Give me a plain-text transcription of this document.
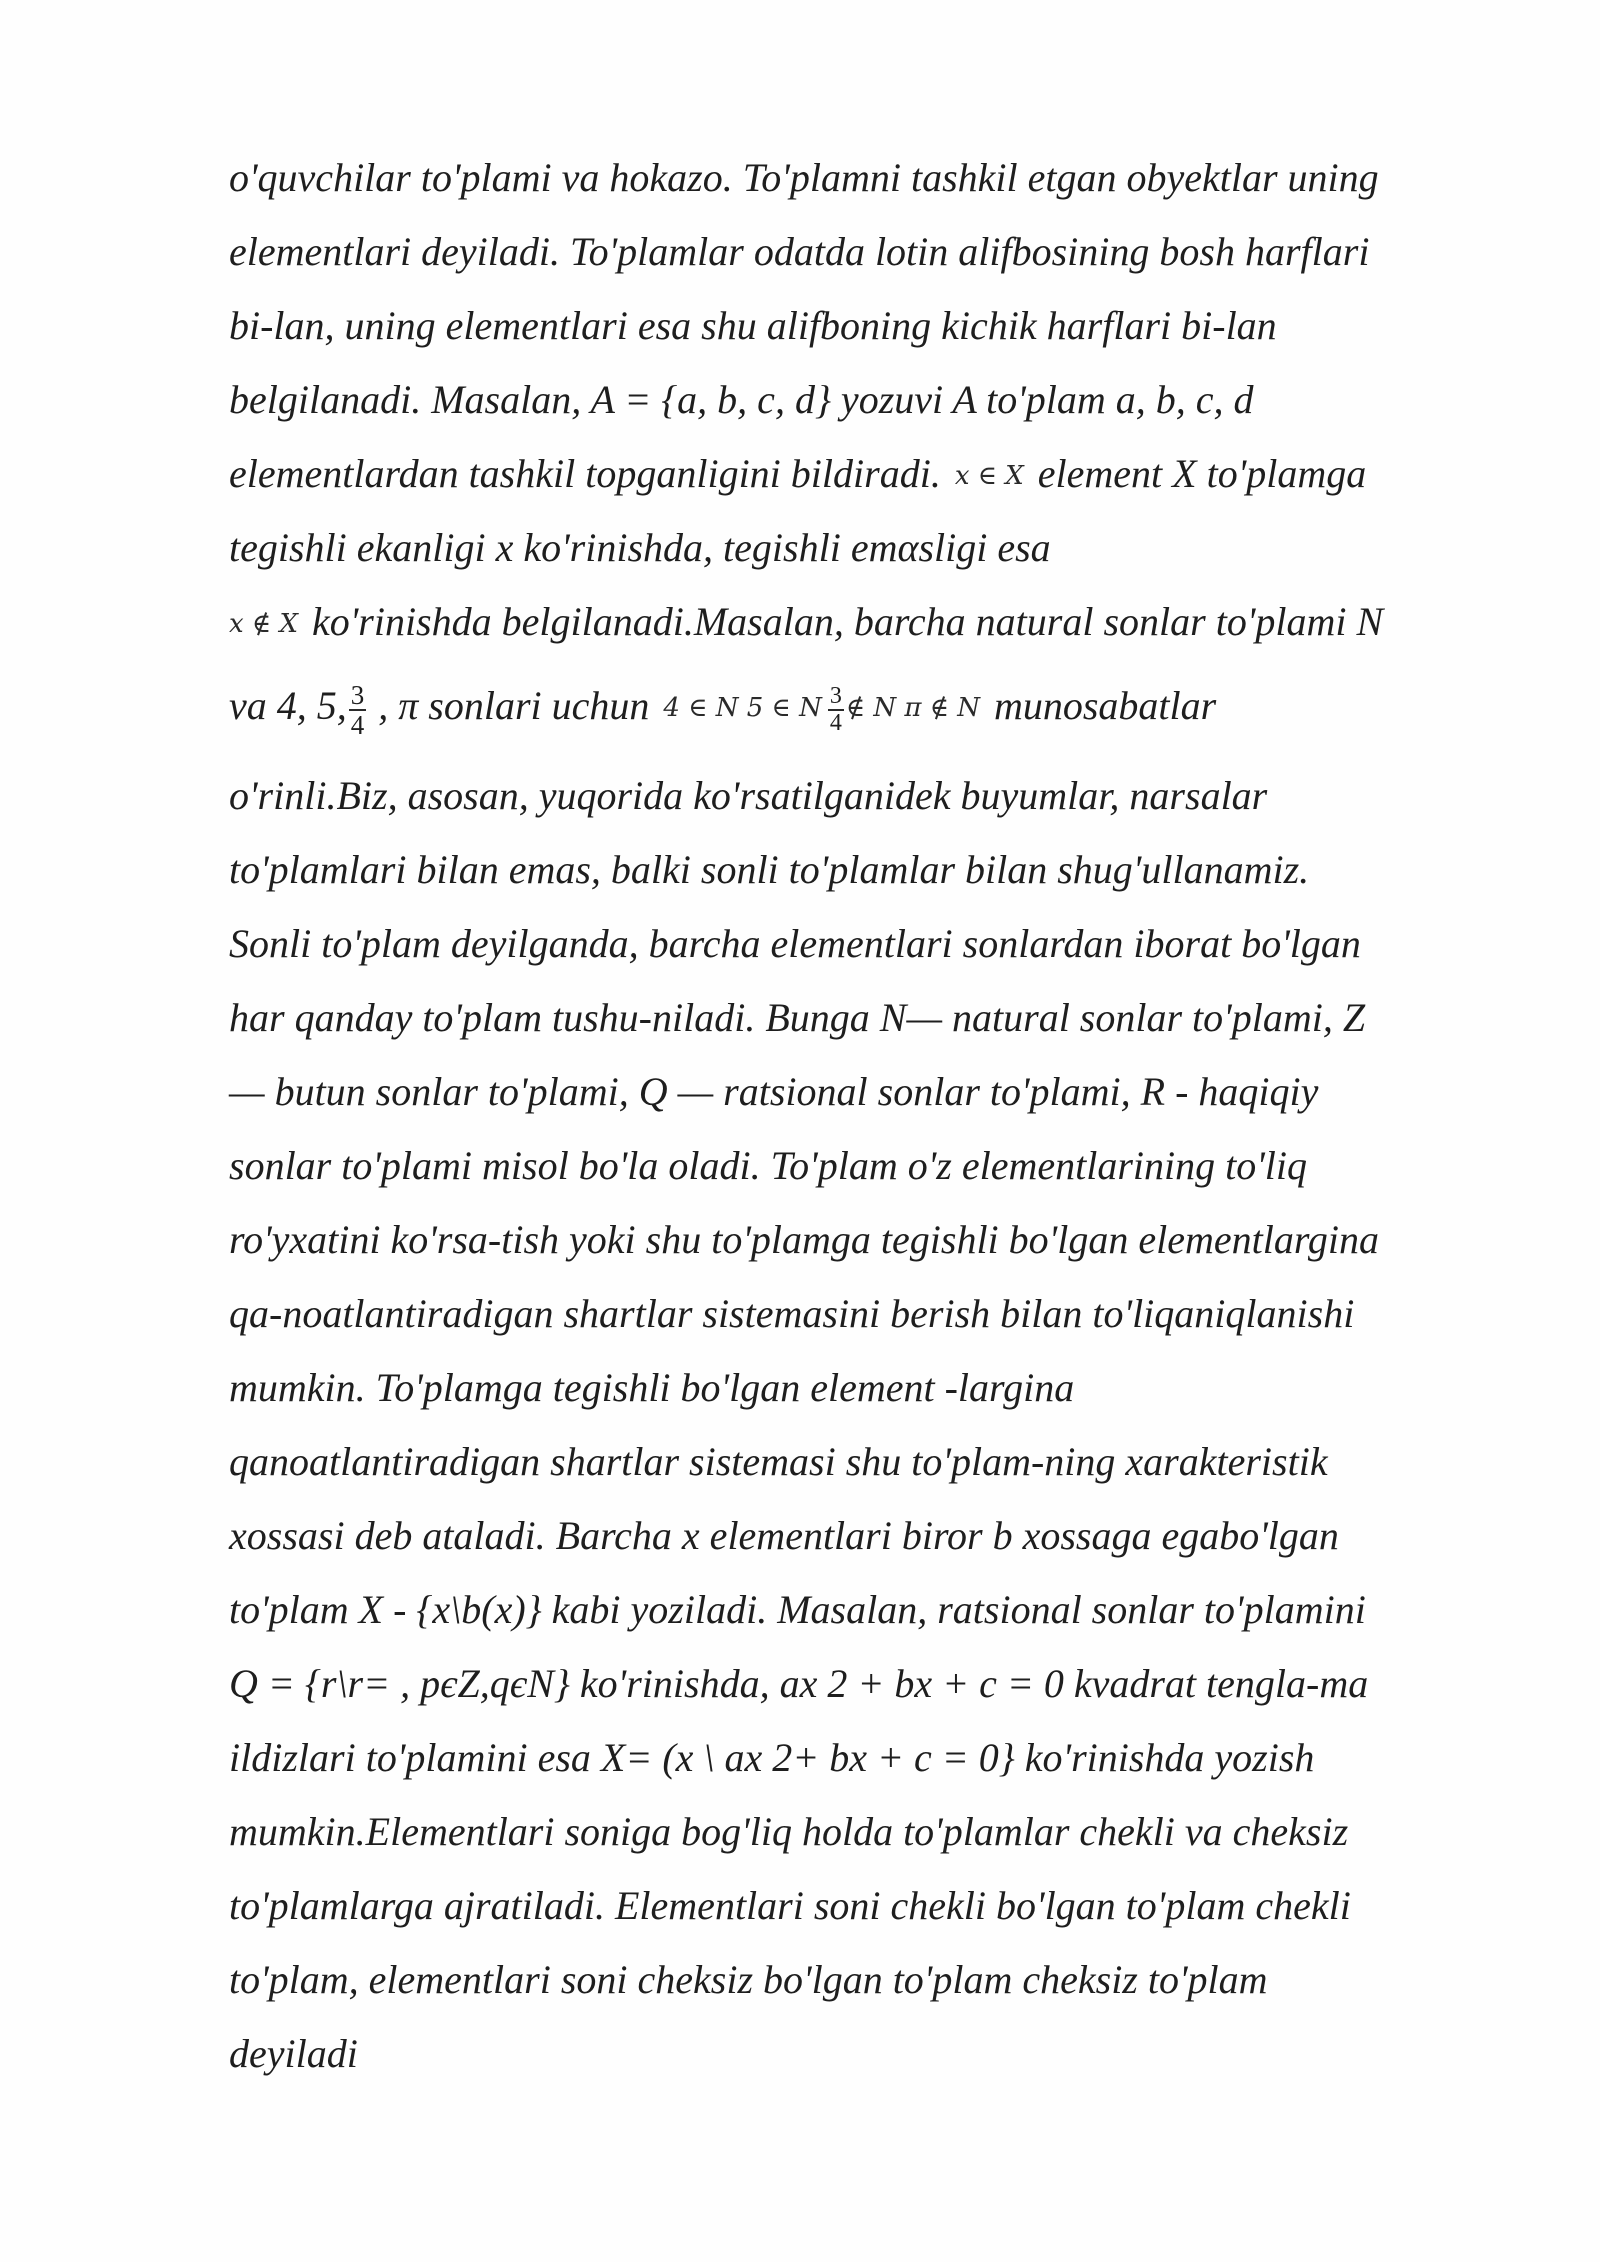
o'quvchilar to'plami va hokazo. To'plamni tashkil etgan obyektlar uning
elementlari deyiladi. To'plamlar odatda lotin alifbosining bosh harflari
bi-lan, uning elementlari esa shu alifboning kichik harflari bi-lan
belgilanadi. Masalan, A = {a, b, c, d} yozuvi A to'plam a, b, c, d
elementlardan tashkil topganligini bildiradi. x ∈ X element X to'plamga
tegishli ekanligi x ko'rinishda, tegishli emαsligi esa
x ∉ X ko'rinishda belgilanadi.Masalan, barcha natural sonlar to'plami N
va 4, 5, $\frac{3}{4}$ , π sonlari uchun 4 ∈ N 5 ∈ N $\frac{3}{4}$ ∉ N π ∉ N munosabatlar
o'rinli.Biz, asosan, yuqorida ko'rsatilganidek buyumlar, narsalar
to'plamlari bilan emas, balki sonli to'plamlar bilan shug'ullanamiz.
Sonli to'plam deyilganda, barcha elementlari sonlardan iborat bo'lgan
har qanday to'plam tushu-niladi. Bunga N— natural sonlar to'plami, Z
— butun sonlar to'plami, Q — ratsional sonlar to'plami, R - haqiqiy
sonlar to'plami misol bo'la oladi. To'plam o'z elementlarining to'liq
ro'yxatini ko'rsa-tish yoki shu to'plamga tegishli bo'lgan elementlargina
qa-noatlantiradigan shartlar sistemasini berish bilan to'liqaniqlanishi
mumkin. To'plamga tegishli bo'lgan element -largina
qanoatlantiradigan shartlar sistemasi shu to'plam-ning xarakteristik
xossasi deb ataladi. Barcha x elementlari biror b xossaga egabo'lgan
to'plam X - {x\b(x)} kabi yoziladi. Masalan, ratsional sonlar to'plamini
Q = {r\r= , pєZ,qєN} ko'rinishda, ax 2 + bx + c = 0 kvadrat tengla-ma
ildizlari to'plamini esa X= (x \ ax 2+ bx + c = 0} ko'rinishda yozish
mumkin.Elementlari soniga bog'liq holda to'plamlar chekli va cheksiz
to'plamlarga ajratiladi. Elementlari soni chekli bo'lgan to'plam chekli
to'plam, elementlari soni cheksiz bo'lgan to'plam cheksiz to'plam
deyiladi
